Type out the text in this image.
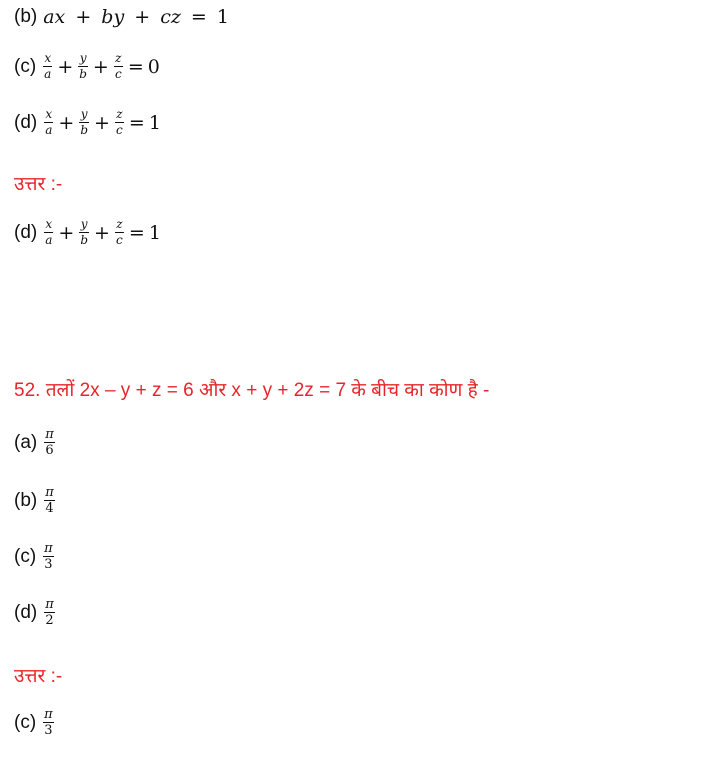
(b) ax + by + cz = 1
$(c) \frac{x}{a} + \frac{y}{b} + \frac{z}{c} = 0$
$(d) \frac{x}{a} + \frac{y}{b} + \frac{z}{c} = 1$
उत्तर :-
$(d) \frac{x}{a} + \frac{y}{b} + \frac{z}{c} = 1$
52. तलों 2x – y + z = 6 और x + y + 2z = 7 के बीच का कोण है -
$(a) \frac{\pi}{6}$
$(b) \frac{\pi}{4}$
$(c) \frac{\pi}{3}$
$(d) \frac{\pi}{2}$
उत्तर :-
$(c) \frac{\pi}{3}$
